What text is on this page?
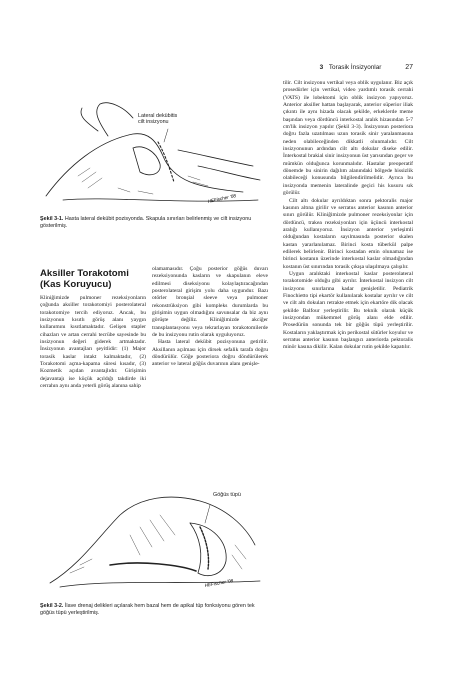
3 Torasik İnsizyonlar	27
HEFischer '08
Lateral dekübitis
cilt insizyonu
Şekil 3-1. Hasta lateral dekübit pozisyonda. Skapula sınırları belirlenmiş ve cilt insizyonu gösterilmiş.
Aksiller Torakotomi
(Kas Koruyucu)

Kliniğimizde pulmoner rezeksiyonların çoğunda aksiller torakotomiyi posterolateral torakotomiye tercih ediyoruz. Ancak, bu insizyonun kısıtlı görüş alanı yaygın kullanımını kısıtlamaktadır. Gelişen stapler cihazları ve artan cerrahi tecrübe sayesinde bu insizyonun değeri giderek artmaktadır. İnsizyonun avantajları şeyitlidir: (1) Major torasik kaslar intakt kalmaktadır, (2) Torakotomi açma-kapama süresi kısadır, (3) Kozmetik açıdan avantajlıdır. Girişimin dejavantajı ise küçük açıldığı takdirde iki cerrahın aynı anda yeterli görüş alanına sahip

olamamasıdır. Çoğu posterior göğüs duvarı rezeksiyonunda kasların ve skapulanın eleve edilmesi diseksiyonu kolaylaştıracağından posterolateral girişim yolu daha uygundur. Bazı otörler bronşial sleeve veya pulmoner rekonstrüksiyon gibi kompleks durumlarda bu girişimin uygun olmadığını savunsalar da biz aynı görüşte değiliz. Kliniğimizde akciğer transplantasyonu veya tekrarlayan torakotomilerde de bu insizyonu rutin olarak uyguluyoruz.

Hasta lateral dekübit pozisyonuna getirilir. Aksillanın açılması için dirsek sefalik tarafa doğru döndürülür. Göğe posteriora doğru döndürülerek anterior ve lateral göğüs duvarının alanı genişle-

tilir. Cilt insizyonu vertikal veya oblik uygulanır. Biz açık prosedürler için vertikal, video yardımlı torasik cerrahi (VATS) ile lobektomi için oblik insizyon yapıyoruz. Anterior aksiller hattan başlayarak, anterior süperior iliak çıkıntı ile aynı hizada olacak şekilde, erkeklerde meme başından veya dördüncü interkostal aralık hizasından 5-7 cm'lik insizyon yapılır (Şekil 3-3). İnsizyonun posteriora doğru fazla uzatılması uzun torasik sinir yaralanmasına neden olabileceğinden dikkatli olunmalıdır. Cilt insizyonunun ardından cilt altı dokular diseke edilir. İnterkostal brakial sinir insizyonun üst yarısından geçer ve mümkün olduğunca korunmalıdır. Hastalar preoperatif dönemde bu sinirin dağılım alanındaki bölgede hissizlik olabileceği konusunda bilgilendirilmelidir. Ayrıca bu insizyonda memenin lateralinde geçici his kusuru sık görülür.

Cilt altı dokular ayrıldıktan sonra pektoralis major kasının altına girilir ve serratus anterior kasının anterior sınırı görülür. Kliniğimizde pulmoner rezeksiyonlar için dördüncü, trakea rezeksiyonları için üçüncü interkostal aralığı kullanıyoruz. İnsizyon anterior yerleşimli olduğundan kostaların sayılmasında posterior skalen kastan yararlanılamaz. Birinci kosta tüberkül palpe edilerek belirlenir. Birinci kostadan emin olunamaz ise birinci kostanın üzerinde interkostal kaslar olmadığından kostanın üst sınırından torasik çıkışa ulaşılmaya çalışılır.

Uygun aralıktaki interkostal kaslar posterolateral torakotomide olduğu gibi ayrılır. İnterkostal insizyon cilt insizyonu sınırlarına kadar genişletilir. Pediatrik Finochietto tipi ekartör kullanılarak kostalar ayrılır ve cilt ve cilt altı dokuları retrakte etmek için ekartöre dik olacak şekilde Balfour yerleştirilir. Bu teknik olarak küçük insizyondan mükemmel görüş alanı elde edilir. Prosedürün sonunda tek bir göğüs tüpü yerleştirilir. Kostaların yaklaştırmak için perikostal sütürler koyulur ve serratus anterior kasının başlangıcı anteriorda pektoralis minör kasına dikilir. Kalan dokular rutin şekilde kapatılır.

HEFischer '08
Göğüs tüpü
Şekil 3-2. İlave drenaj delikleri açılarak hem bazal hem de apikal tüp fonksiyonu gören tek göğüs tüpü yerleştirilmiş.
